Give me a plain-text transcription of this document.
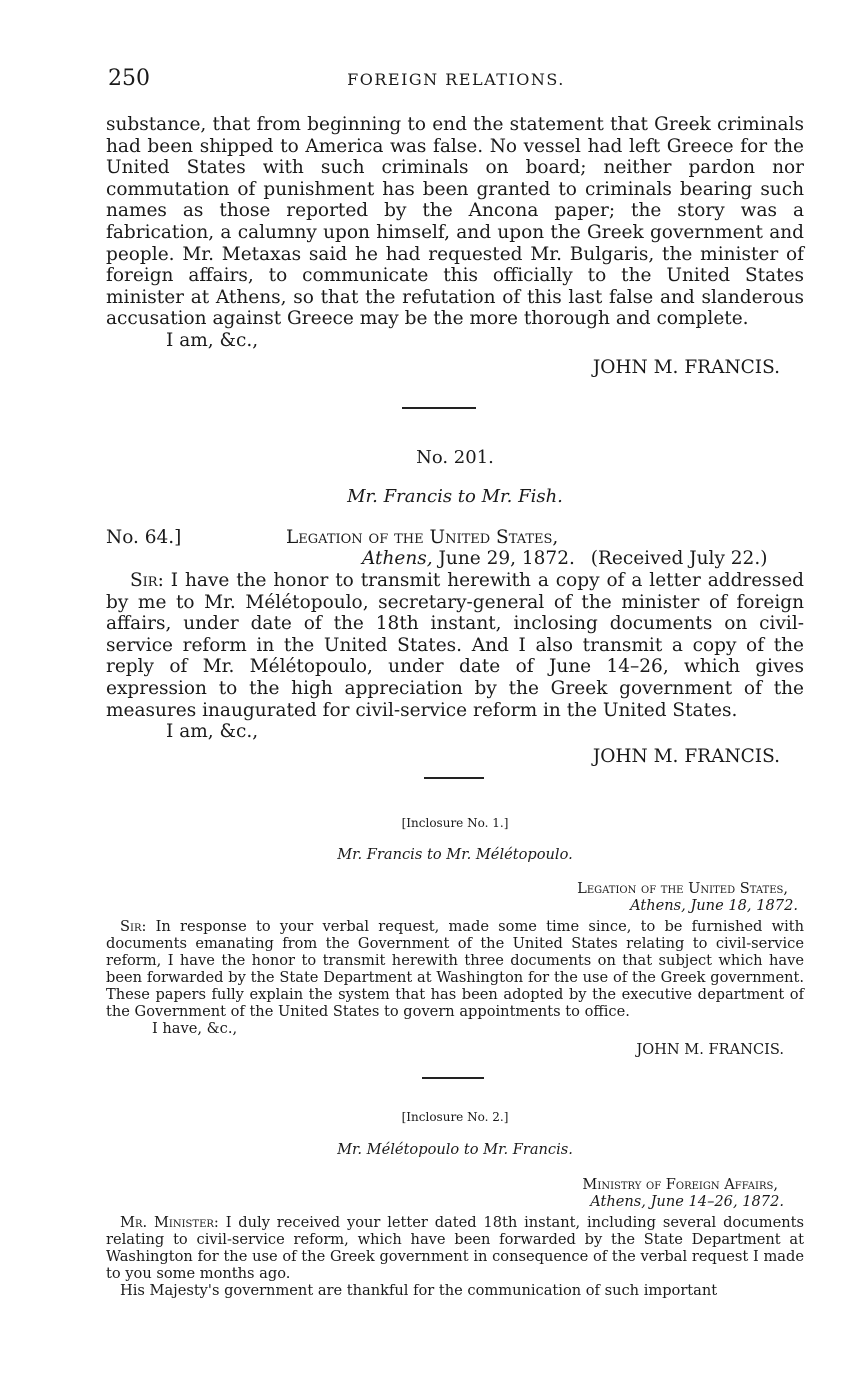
250	FOREIGN RELATIONS.

substance, that from beginning to end the statement that Greek criminals had been shipped to America was false. No vessel had left Greece for the United States with such criminals on board; neither pardon nor commutation of punishment has been granted to criminals bearing such names as those reported by the Ancona paper; the story was a fabrication, a calumny upon himself, and upon the Greek government and people. Mr. Metaxas said he had requested Mr. Bulgaris, the minister of foreign affairs, to communicate this officially to the United States minister at Athens, so that the refutation of this last false and slanderous accusation against Greece may be the more thorough and complete.

I am, &c.,

JOHN M. FRANCIS.

No. 201.
Mr. Francis to Mr. Fish.
No. 64.]	Legation of the United States,
Athens, June 29, 1872. (Received July 22.)

Sir: I have the honor to transmit herewith a copy of a letter addressed by me to Mr. Mélétopoulo, secretary-general of the minister of foreign affairs, under date of the 18th instant, inclosing documents on civil-service reform in the United States. And I also transmit a copy of the reply of Mr. Mélétopoulo, under date of June 14–26, which gives expression to the high appreciation by the Greek government of the measures inaugurated for civil-service reform in the United States.

I am, &c.,

JOHN M. FRANCIS.

[Inclosure No. 1.]
Mr. Francis to Mr. Mélétopoulo.
Legation of the United States,
Athens, June 18, 1872.

Sir: In response to your verbal request, made some time since, to be furnished with documents emanating from the Government of the United States relating to civil-service reform, I have the honor to transmit herewith three documents on that subject which have been forwarded by the State Department at Washington for the use of the Greek government. These papers fully explain the system that has been adopted by the executive department of the Government of the United States to govern appointments to office.

I have, &c.,

JOHN M. FRANCIS.

[Inclosure No. 2.]
Mr. Mélétopoulo to Mr. Francis.
Ministry of Foreign Affairs,
Athens, June 14–26, 1872.

Mr. Minister: I duly received your letter dated 18th instant, including several documents relating to civil-service reform, which have been forwarded by the State Department at Washington for the use of the Greek government in consequence of the verbal request I made to you some months ago.

His Majesty's government are thankful for the communication of such important
